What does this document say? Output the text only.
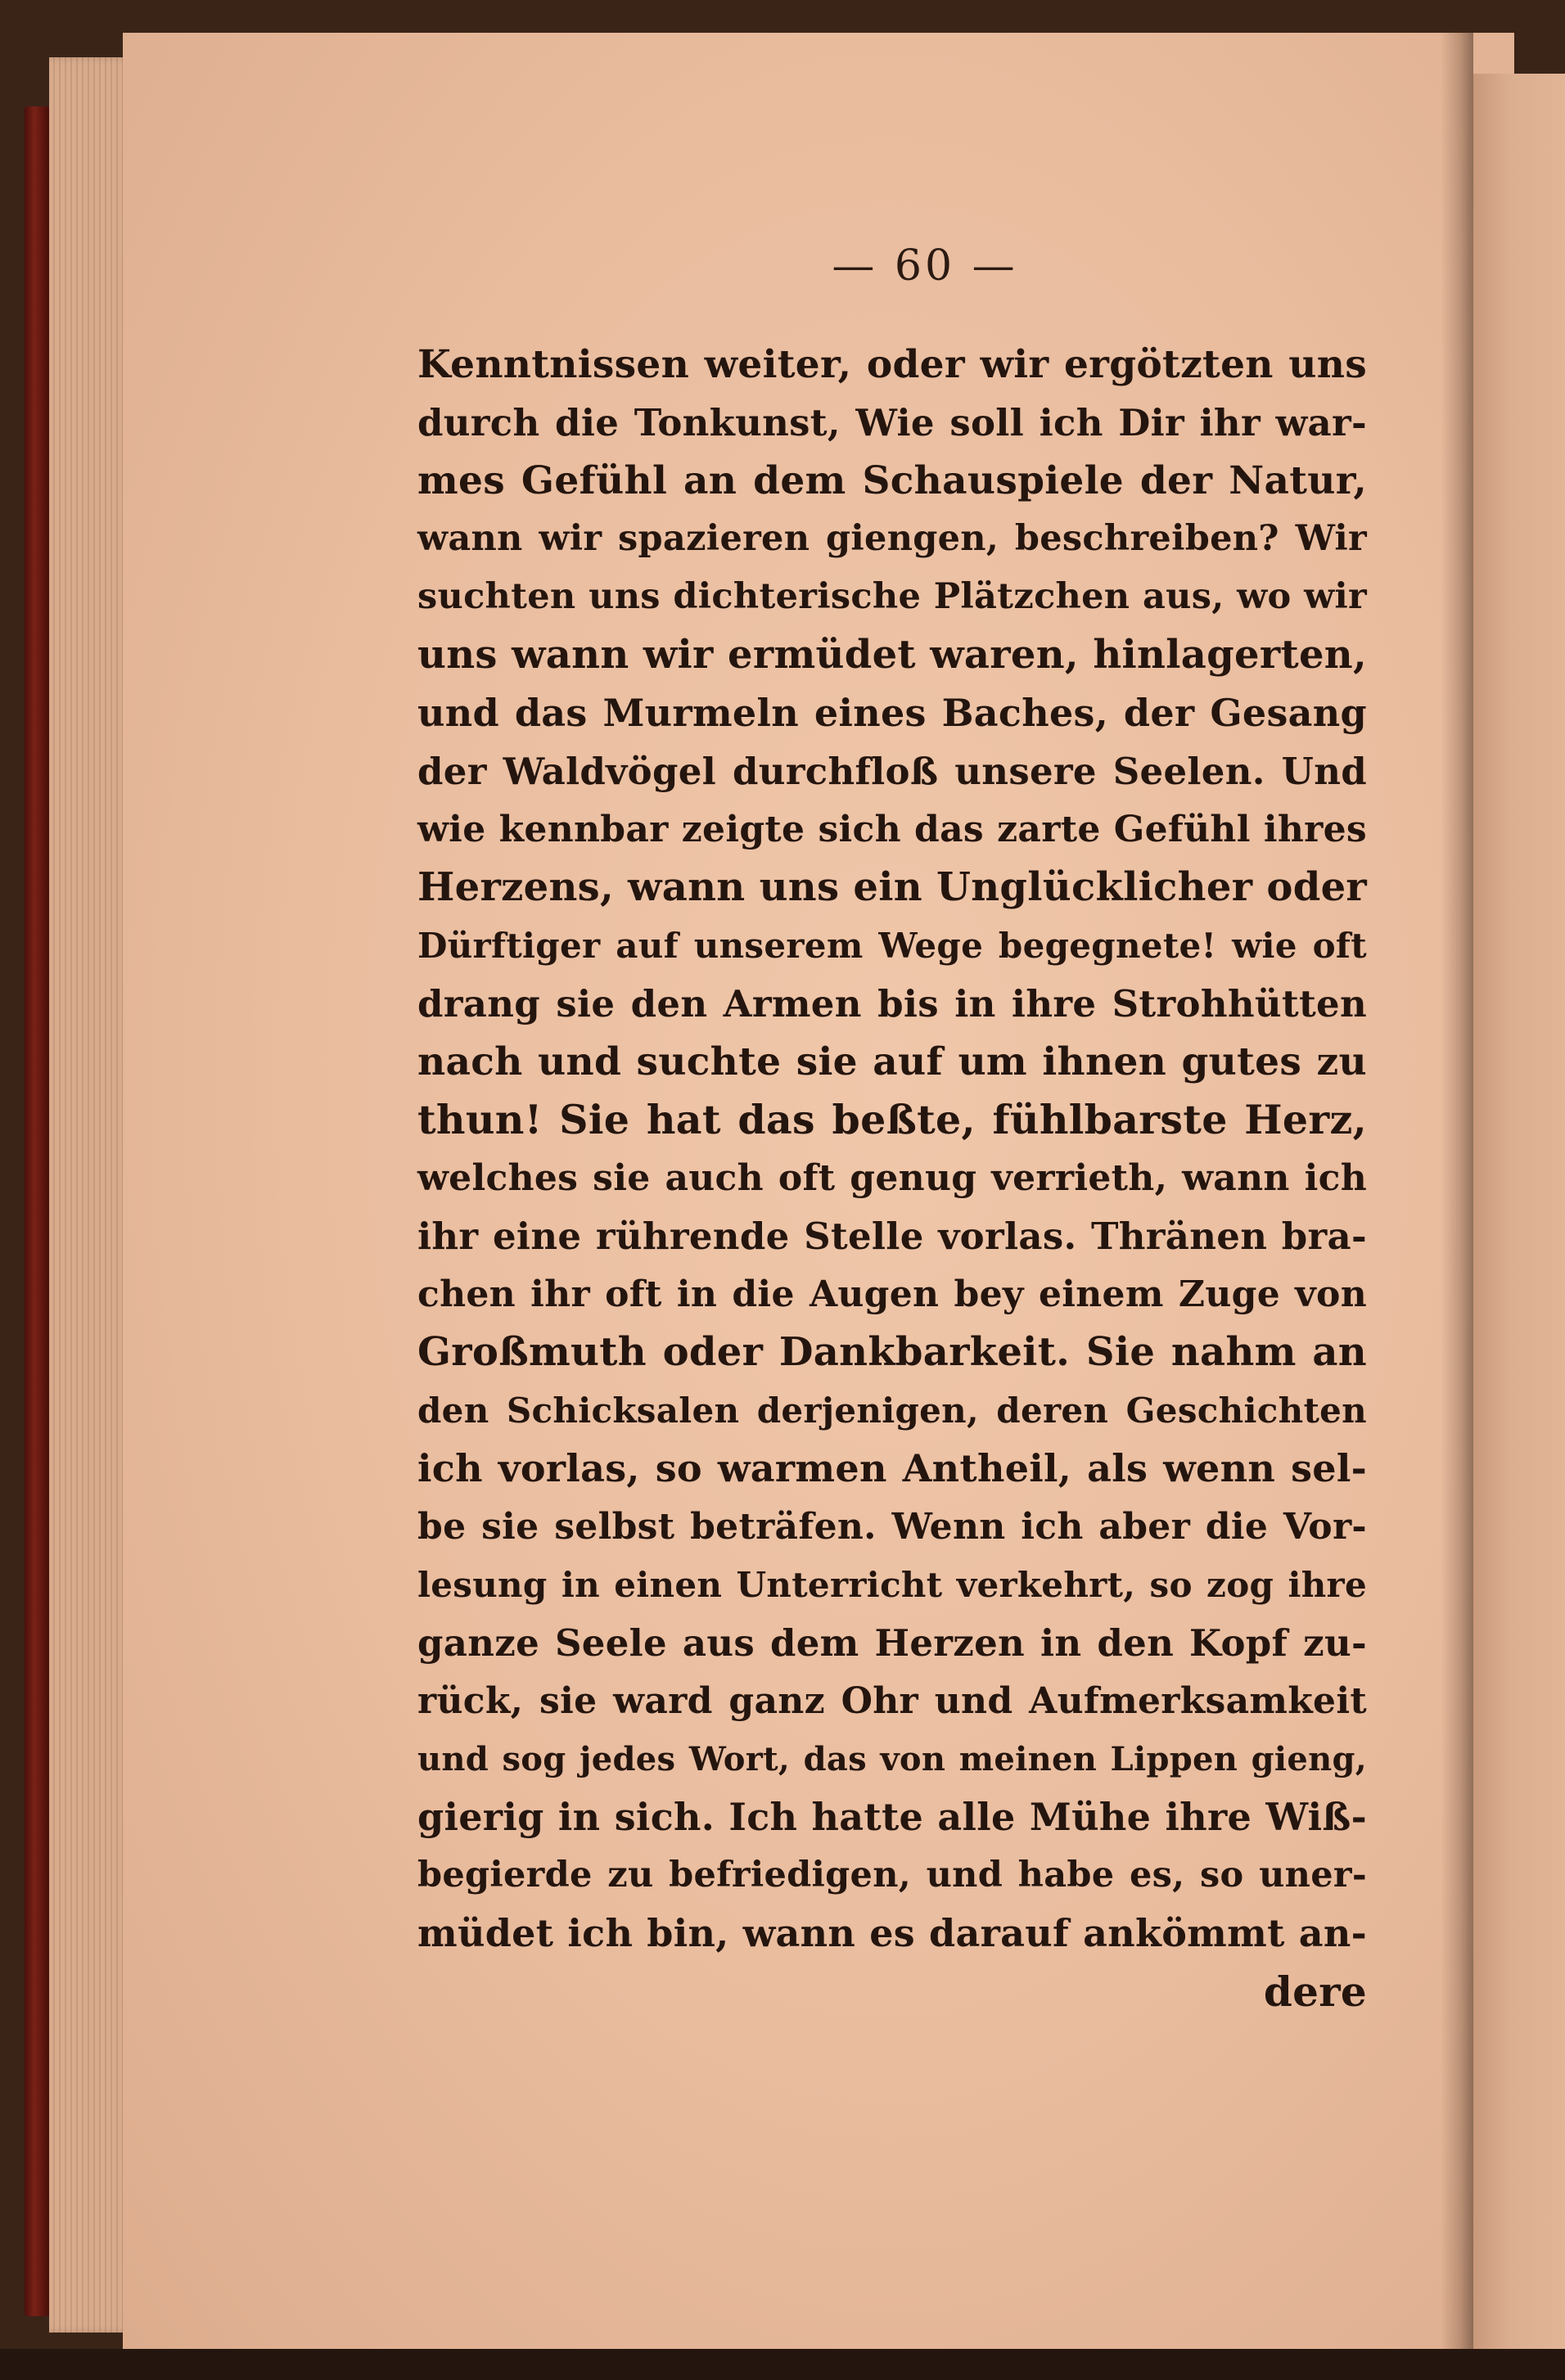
— 60 —
Kenntnissen weiter, oder wir ergötzten uns
durch die Tonkunst, Wie soll ich Dir ihr war-
mes Gefühl an dem Schauspiele der Natur,
wann wir spazieren giengen, beschreiben? Wir
suchten uns dichterische Plätzchen aus, wo wir
uns wann wir ermüdet waren, hinlagerten,
und das Murmeln eines Baches, der Gesang
der Waldvögel durchfloß unsere Seelen. Und
wie kennbar zeigte sich das zarte Gefühl ihres
Herzens, wann uns ein Unglücklicher oder
Dürftiger auf unserem Wege begegnete! wie oft
drang sie den Armen bis in ihre Strohhütten
nach und suchte sie auf um ihnen gutes zu
thun! Sie hat das beßte, fühlbarste Herz,
welches sie auch oft genug verrieth, wann ich
ihr eine rührende Stelle vorlas. Thränen bra-
chen ihr oft in die Augen bey einem Zuge von
Großmuth oder Dankbarkeit. Sie nahm an
den Schicksalen derjenigen, deren Geschichten
ich vorlas, so warmen Antheil, als wenn sel-
be sie selbst beträfen. Wenn ich aber die Vor-
lesung in einen Unterricht verkehrt, so zog ihre
ganze Seele aus dem Herzen in den Kopf zu-
rück, sie ward ganz Ohr und Aufmerksamkeit
und sog jedes Wort, das von meinen Lippen gieng,
gierig in sich. Ich hatte alle Mühe ihre Wiß-
begierde zu befriedigen, und habe es, so uner-
müdet ich bin, wann es darauf ankömmt an-
dere
